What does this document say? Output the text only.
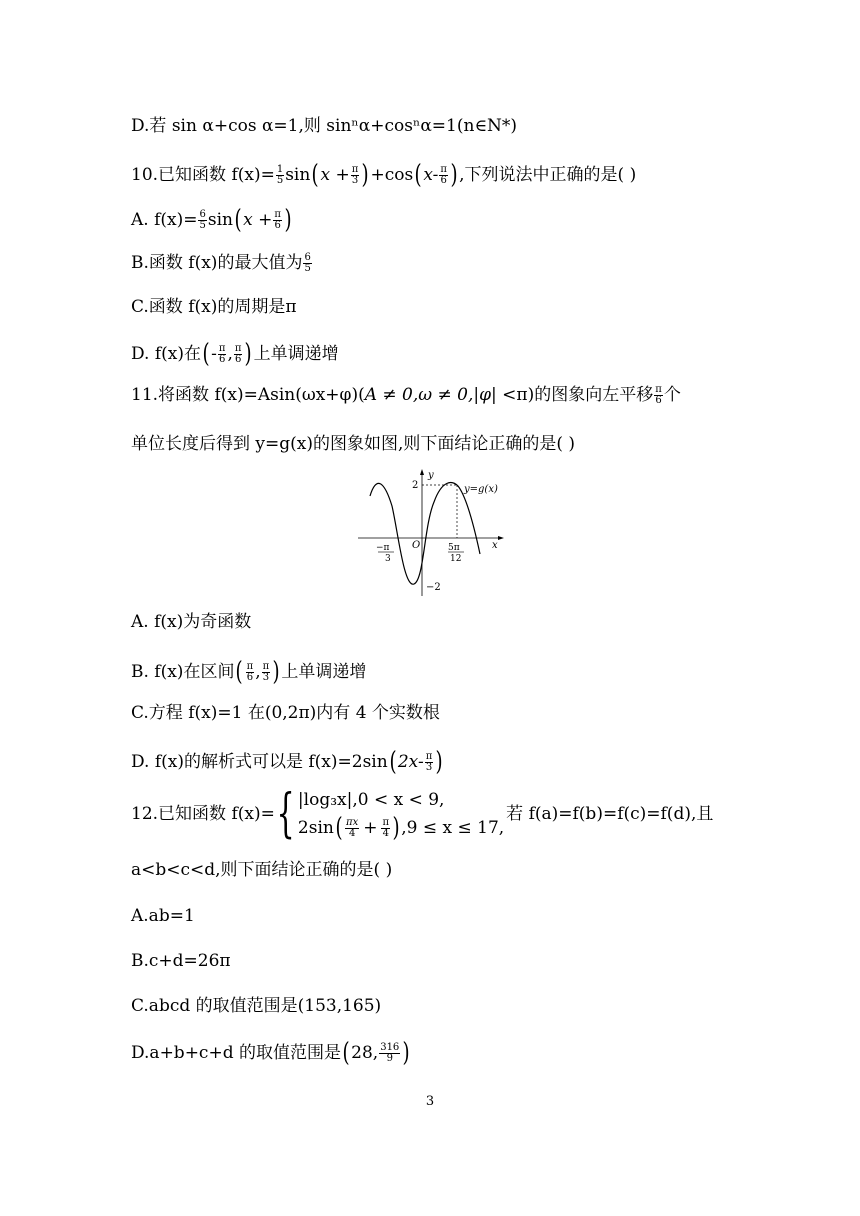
D.若 sin α+cos α=1,则 sinⁿα+cosⁿα=1(n∈N*)
10.已知函数 $f(x)= \frac{1}{5}$ sin ( $x + \frac{\pi}{3}$ ) +cos ( $x- \frac{\pi}{6}$ ) ,下列说法中正确的是( )
A. $f(x)= \frac{6}{5}$ sin ( $x + \frac{\pi}{6}$ )
B.函数 f(x)的最大值为 $\frac{6}{5}$
C.函数 f(x)的周期是π
D. f(x)在 ( - $\frac{\pi}{6}$ , $\frac{\pi}{6}$ ) 上单调递增
11.将函数 f(x)=Asin(ωx+φ)( A ≠ 0,ω ≠ 0,|φ| < π)的图象向左平移 $\frac{\pi}{6}$ 个
单位长度后得到 y=g(x)的图象如图,则下面结论正确的是( )
y
y=g(x)
2
−2
O	x
−π
3
5π
12
A. f(x)为奇函数
B. f(x)在区间 ( $\frac{\pi}{6}$ , $\frac{\pi}{3}$ ) 上单调递增
C.方程 f(x)=1 在(0,2π)内有 4 个实数根
D. f(x)的解析式可以是 f(x)=2sin ( $2x- \frac{\pi}{3}$ )
12.已知函数 f(x)= { |log₃x|,0 < x < 9,
2sin ( $\frac{\pi x}{4} + \frac{\pi}{4}$ ) ,9 ≤ x ≤ 17,
若 f(a)=f(b)=f(c)=f(d),且
a<b<c<d,则下面结论正确的是( )
A.ab=1
B.c+d=26π
C.abcd 的取值范围是(153,165)
D.a+b+c+d 的取值范围是 ( 28, $\frac{316}{9}$ )
3
